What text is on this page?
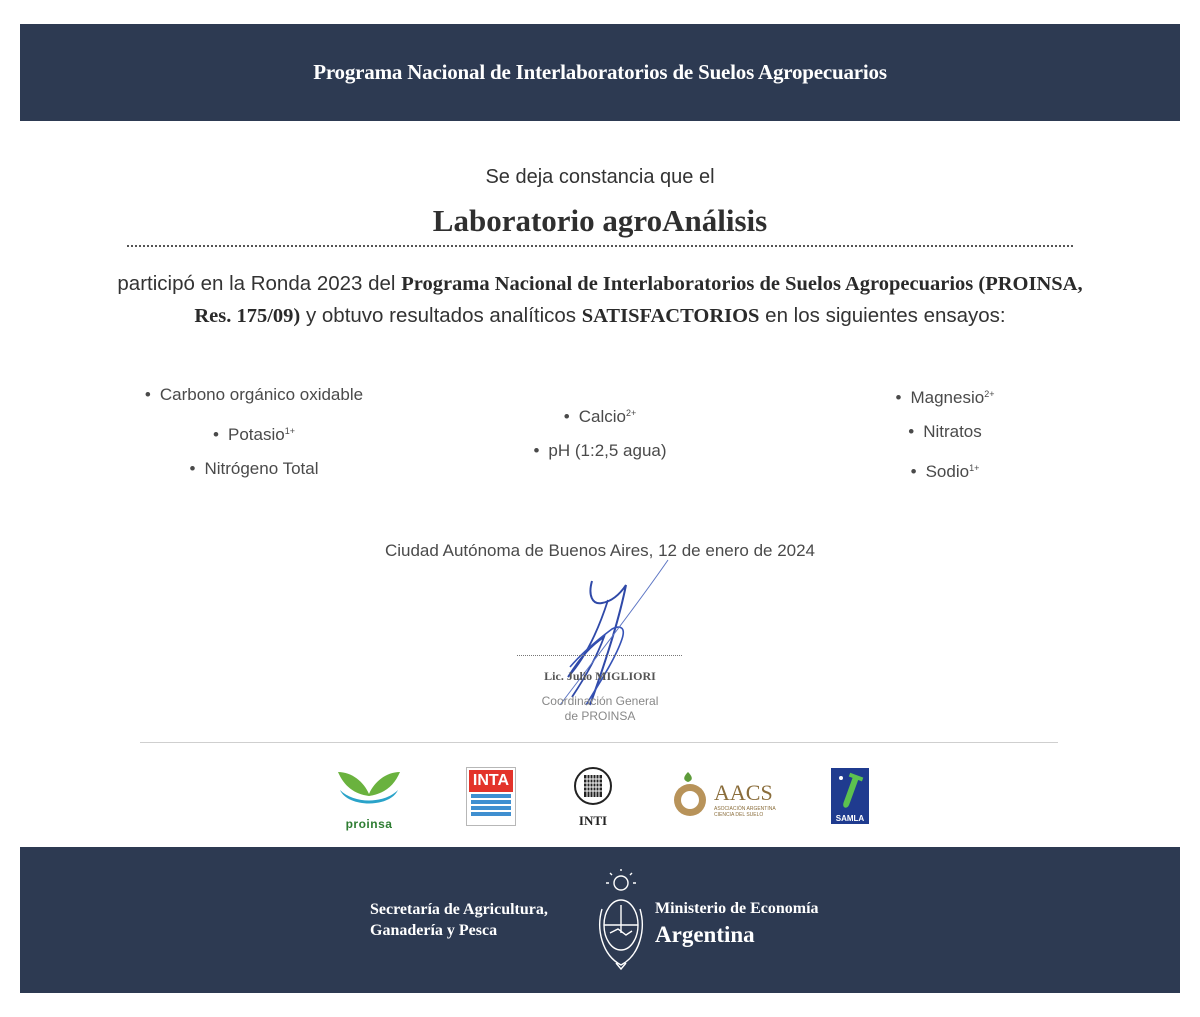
Programa Nacional de Interlaboratorios de Suelos Agropecuarios
Se deja constancia que el
Laboratorio agroAnálisis
participó en la Ronda 2023 del Programa Nacional de Interlaboratorios de Suelos Agropecuarios (PROINSA, Res. 175/09) y obtuvo resultados analíticos SATISFACTORIOS en los siguientes ensayos:
• Carbono orgánico oxidable
• Potasio$^{1+}$
• Nitrógeno Total
• Calcio$^{2+}$
• pH (1:2,5 agua)
• Magnesio$^{2+}$
• Nitratos
• Sodio$^{1+}$
Ciudad Autónoma de Buenos Aires, 12 de enero de 2024
Lic. Julio MIGLIORI
Coordinación General
de PROINSA
proinsa
INTA
INTI
AACS
ASOCIACIÓN ARGENTINA
CIENCIA DEL SUELO	SAMLA
Secretaría de Agricultura,
Ganadería y Pesca
Ministerio de Economía
Argentina
